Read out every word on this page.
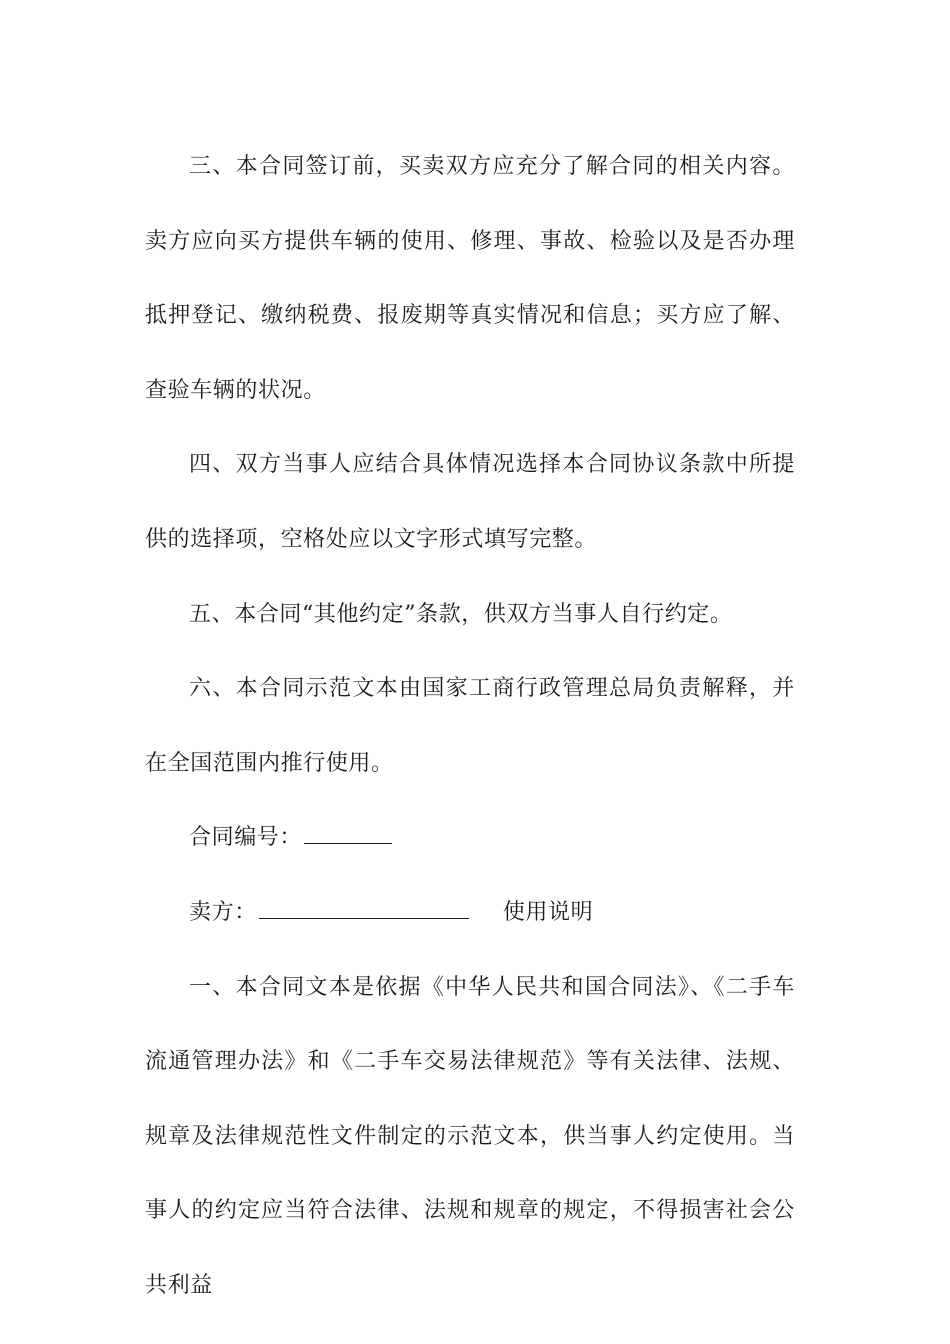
三、本合同签订前，买卖双方应充分了解合同的相关内容。卖方应向买方提供车辆的使用、修理、事故、检验以及是否办理抵押登记、缴纳税费、报废期等真实情况和信息；买方应了解、查验车辆的状况。

四、双方当事人应结合具体情况选择本合同协议条款中所提供的选择项，空格处应以文字形式填写完整。

五、本合同“其他约定”条款，供双方当事人自行约定。

六、本合同示范文本由国家工商行政管理总局负责解释，并在全国范围内推行使用。

合同编号：

卖方：	使用说明

一、本合同文本是依据《中华人民共和国合同法》、《二手车流通管理办法》和《二手车交易法律规范》等有关法律、法规、规章及法律规范性文件制定的示范文本，供当事人约定使用。当事人的约定应当符合法律、法规和规章的规定，不得损害社会公共利益
